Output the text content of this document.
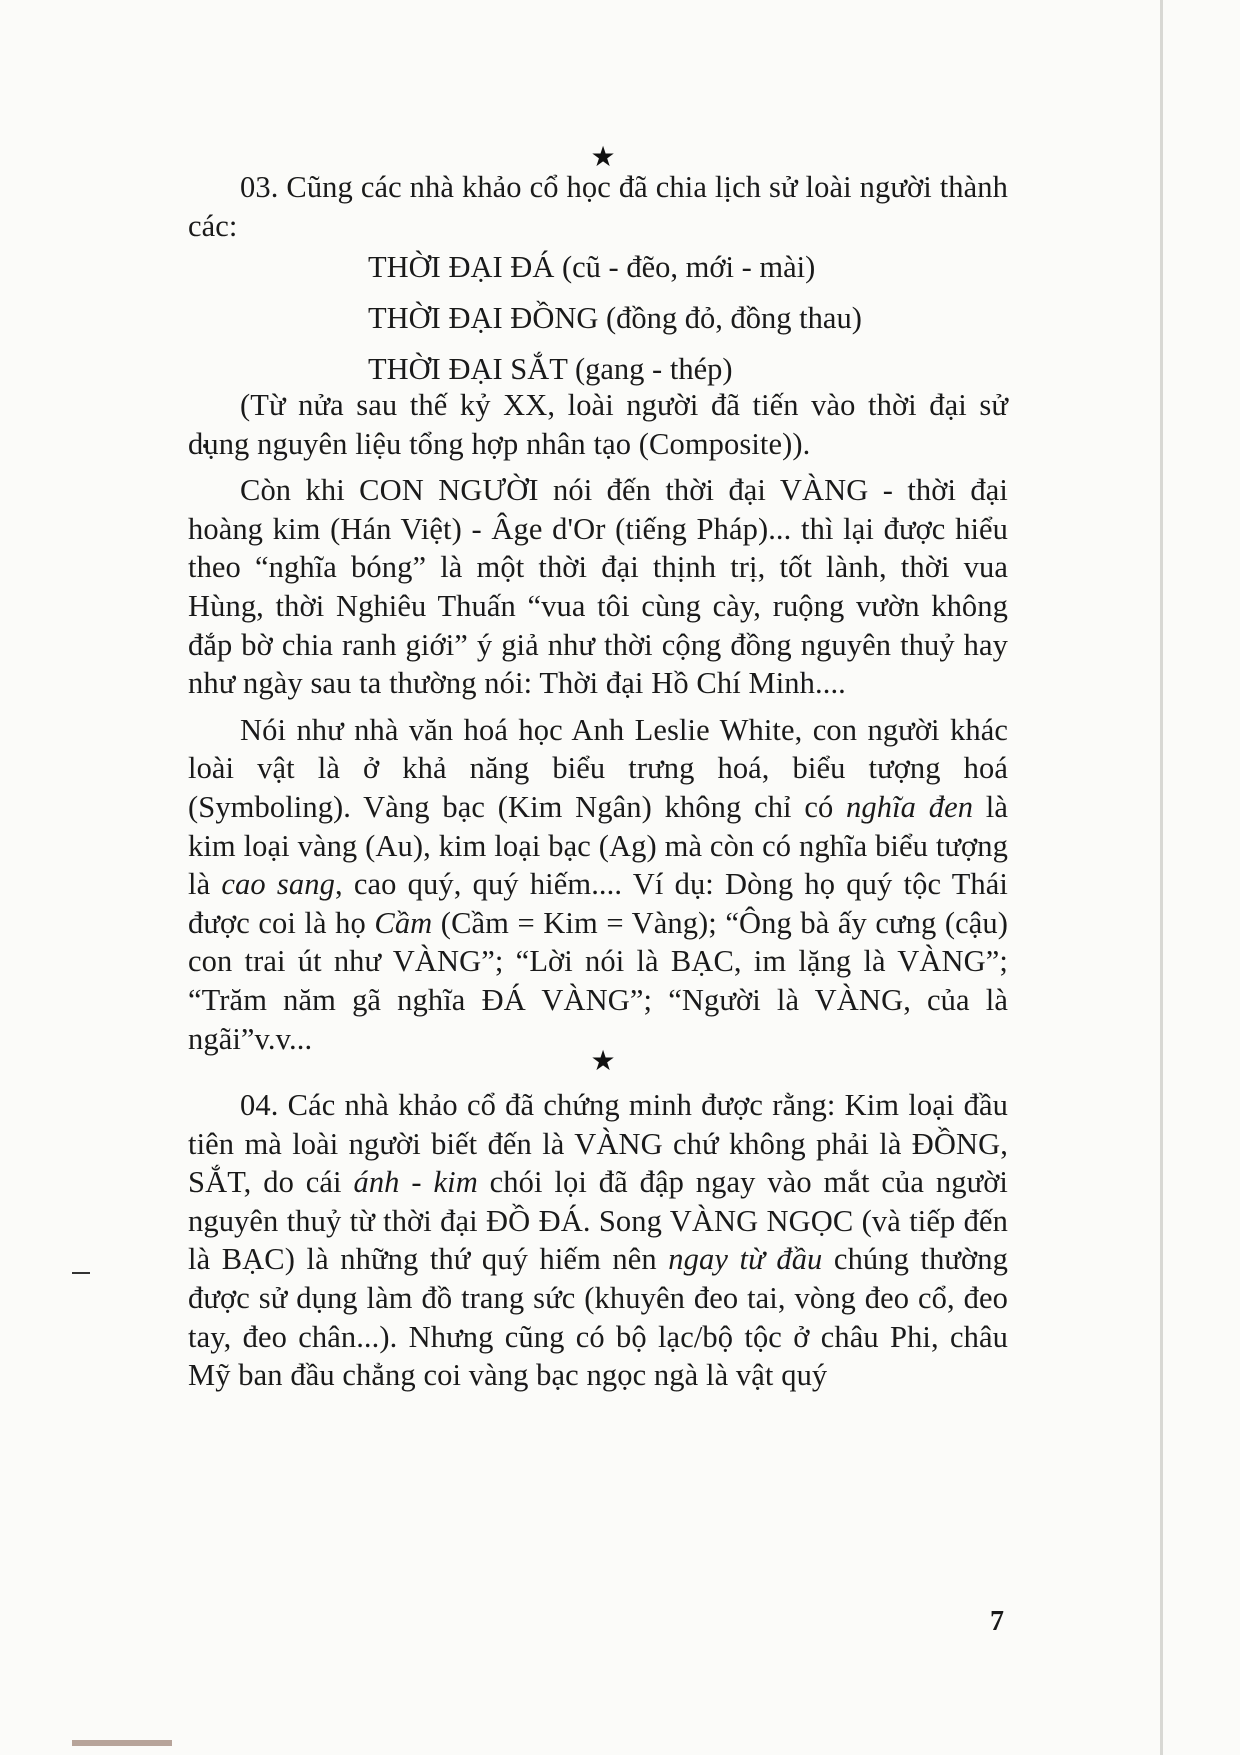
★

03. Cũng các nhà khảo cổ học đã chia lịch sử loài người thành các:

THỜI ĐẠI ĐÁ (cũ - đẽo, mới - mài)
THỜI ĐẠI ĐỒNG (đồng đỏ, đồng thau)
THỜI ĐẠI SẮT (gang - thép)

(Từ nửa sau thế kỷ XX, loài người đã tiến vào thời đại sử dụng nguyên liệu tổng hợp nhân tạo (Composite)).

Còn khi CON NGƯỜI nói đến thời đại VÀNG - thời đại hoàng kim (Hán Việt) - Âge d'Or (tiếng Pháp)... thì lại được hiểu theo “nghĩa bóng” là một thời đại thịnh trị, tốt lành, thời vua Hùng, thời Nghiêu Thuấn “vua tôi cùng cày, ruộng vườn không đắp bờ chia ranh giới” ý giả như thời cộng đồng nguyên thuỷ hay như ngày sau ta thường nói: Thời đại Hồ Chí Minh....

Nói như nhà văn hoá học Anh Leslie White, con người khác loài vật là ở khả năng biểu trưng hoá, biểu tượng hoá (Symboling). Vàng bạc (Kim Ngân) không chỉ có nghĩa đen là kim loại vàng (Au), kim loại bạc (Ag) mà còn có nghĩa biểu tượng là cao sang, cao quý, quý hiếm.... Ví dụ: Dòng họ quý tộc Thái được coi là họ Cầm (Cầm = Kim = Vàng); “Ông bà ấy cưng (cậu) con trai út như VÀNG”; “Lời nói là BẠC, im lặng là VÀNG”; “Trăm năm gã nghĩa ĐÁ VÀNG”; “Người là VÀNG, của là ngãi”v.v...

★

04. Các nhà khảo cổ đã chứng minh được rằng: Kim loại đầu tiên mà loài người biết đến là VÀNG chứ không phải là ĐỒNG, SẮT, do cái ánh - kim chói lọi đã đập ngay vào mắt của người nguyên thuỷ từ thời đại ĐỒ ĐÁ. Song VÀNG NGỌC (và tiếp đến là BẠC) là những thứ quý hiếm nên ngay từ đầu chúng thường được sử dụng làm đồ trang sức (khuyên đeo tai, vòng đeo cổ, đeo tay, đeo chân...). Nhưng cũng có bộ lạc/bộ tộc ở châu Phi, châu Mỹ ban đầu chẳng coi vàng bạc ngọc ngà là vật quý

7
